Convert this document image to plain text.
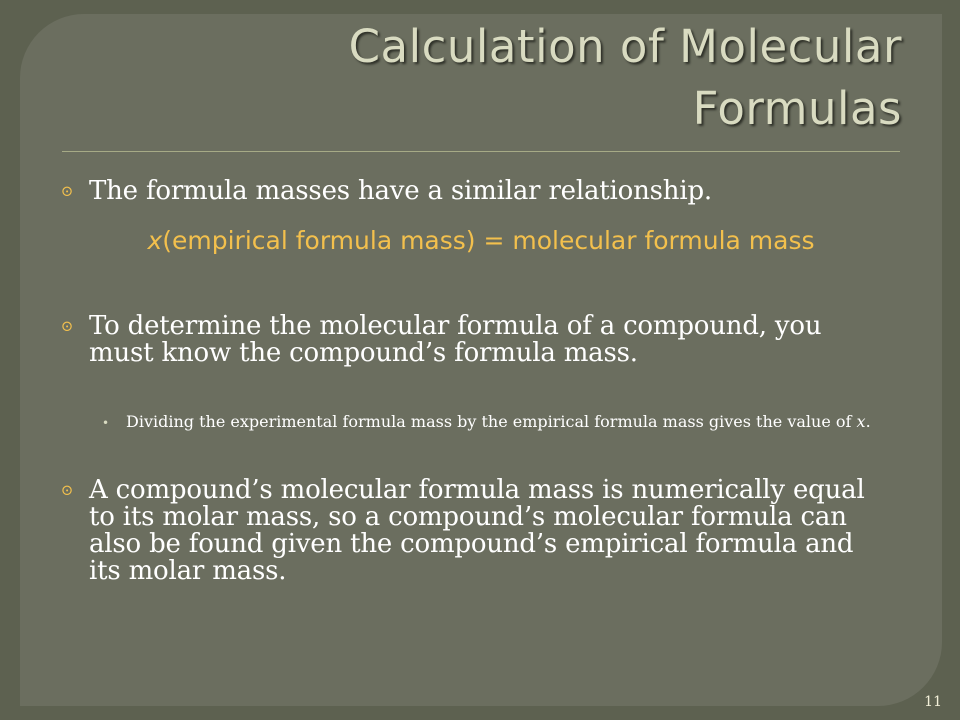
Calculation of Molecular Formulas
⊙ The formula masses have a similar relationship.
x(empirical formula mass) = molecular formula mass
⊙ To determine the molecular formula of a compound, you must know the compound’s formula mass.
• Dividing the experimental formula mass by the empirical formula mass gives the value of x.
⊙ A compound’s molecular formula mass is numerically equal to its molar mass, so a compound’s molecular formula can also be found given the compound’s empirical formula and its molar mass.
11
